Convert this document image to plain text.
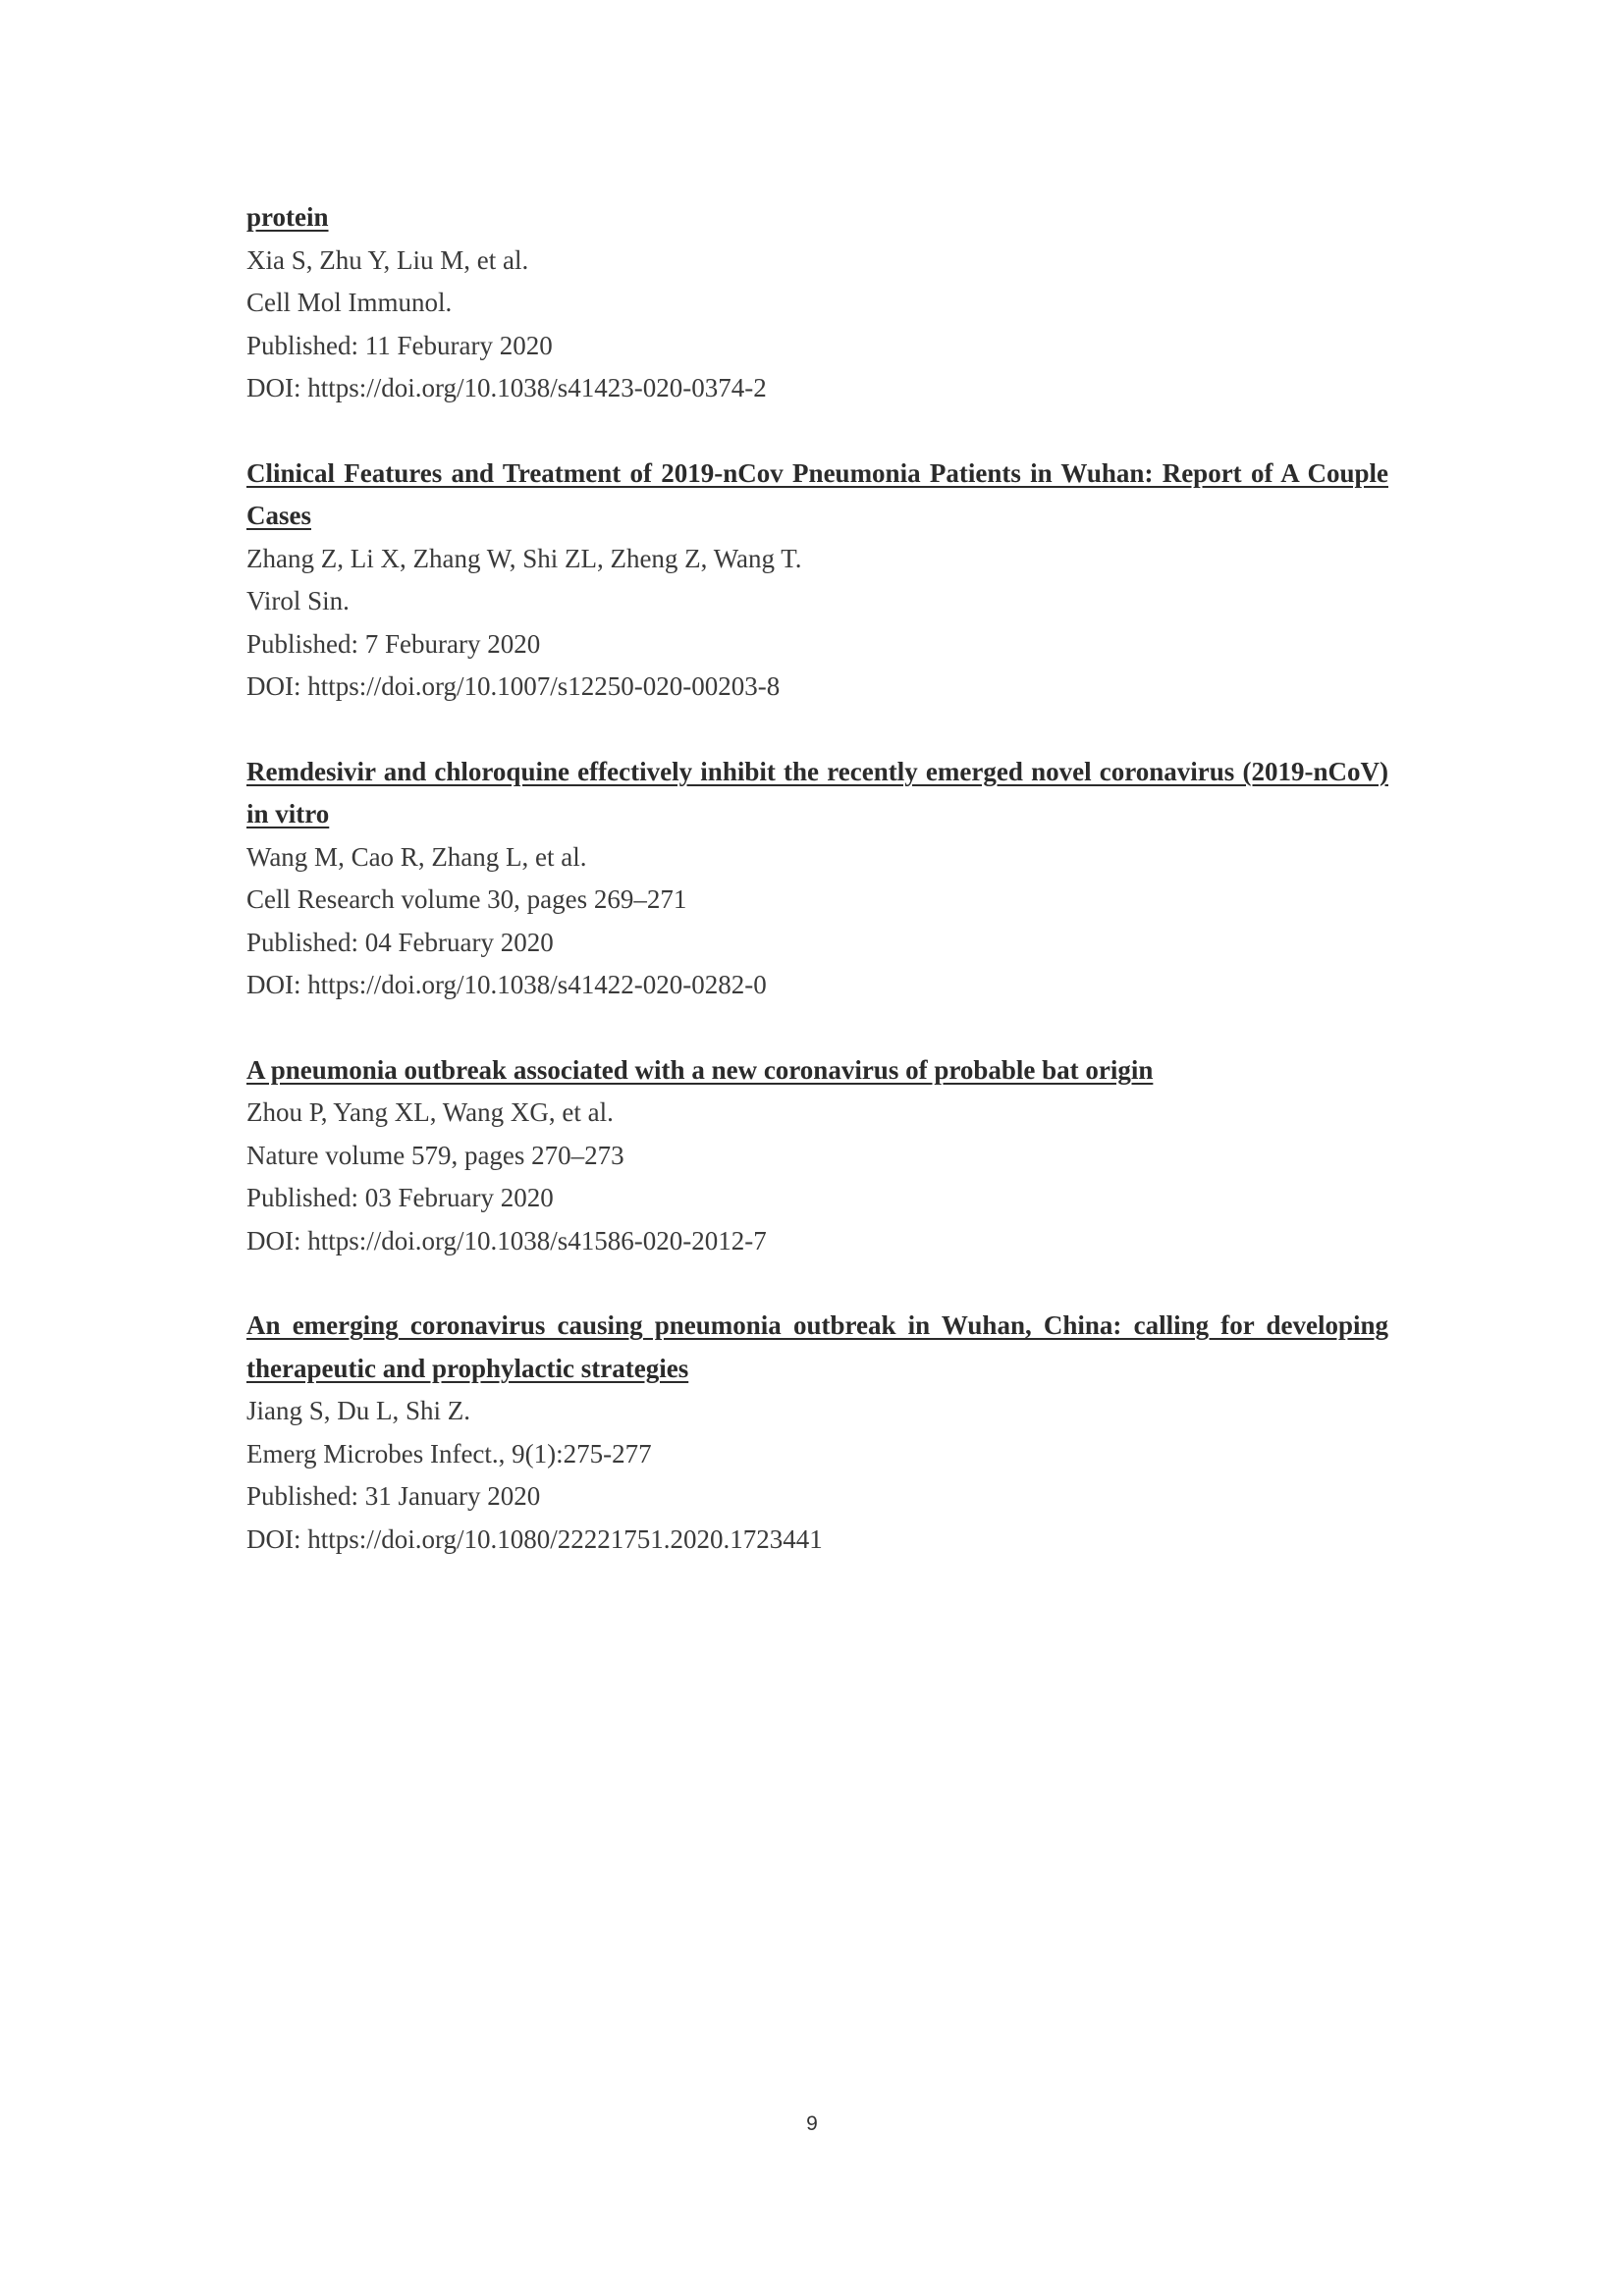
protein

Xia S, Zhu Y, Liu M, et al.

Cell Mol Immunol.

Published: 11 Feburary 2020

DOI: https://doi.org/10.1038/s41423-020-0374-2

Clinical Features and Treatment of 2019-nCov Pneumonia Patients in Wuhan: Report of A Couple Cases

Zhang Z, Li X, Zhang W, Shi ZL, Zheng Z, Wang T.

Virol Sin.

Published: 7 Feburary 2020

DOI: https://doi.org/10.1007/s12250-020-00203-8

Remdesivir and chloroquine effectively inhibit the recently emerged novel coronavirus (2019-nCoV) in vitro

Wang M, Cao R, Zhang L, et al.

Cell Research volume 30, pages 269–271

Published: 04 February 2020

DOI: https://doi.org/10.1038/s41422-020-0282-0

A pneumonia outbreak associated with a new coronavirus of probable bat origin

Zhou P, Yang XL, Wang XG, et al.

Nature volume 579, pages 270–273

Published: 03 February 2020

DOI: https://doi.org/10.1038/s41586-020-2012-7

An emerging coronavirus causing pneumonia outbreak in Wuhan, China: calling for developing therapeutic and prophylactic strategies

Jiang S, Du L, Shi Z.

Emerg Microbes Infect., 9(1):275-277

Published: 31 January 2020

DOI: https://doi.org/10.1080/22221751.2020.1723441

9
